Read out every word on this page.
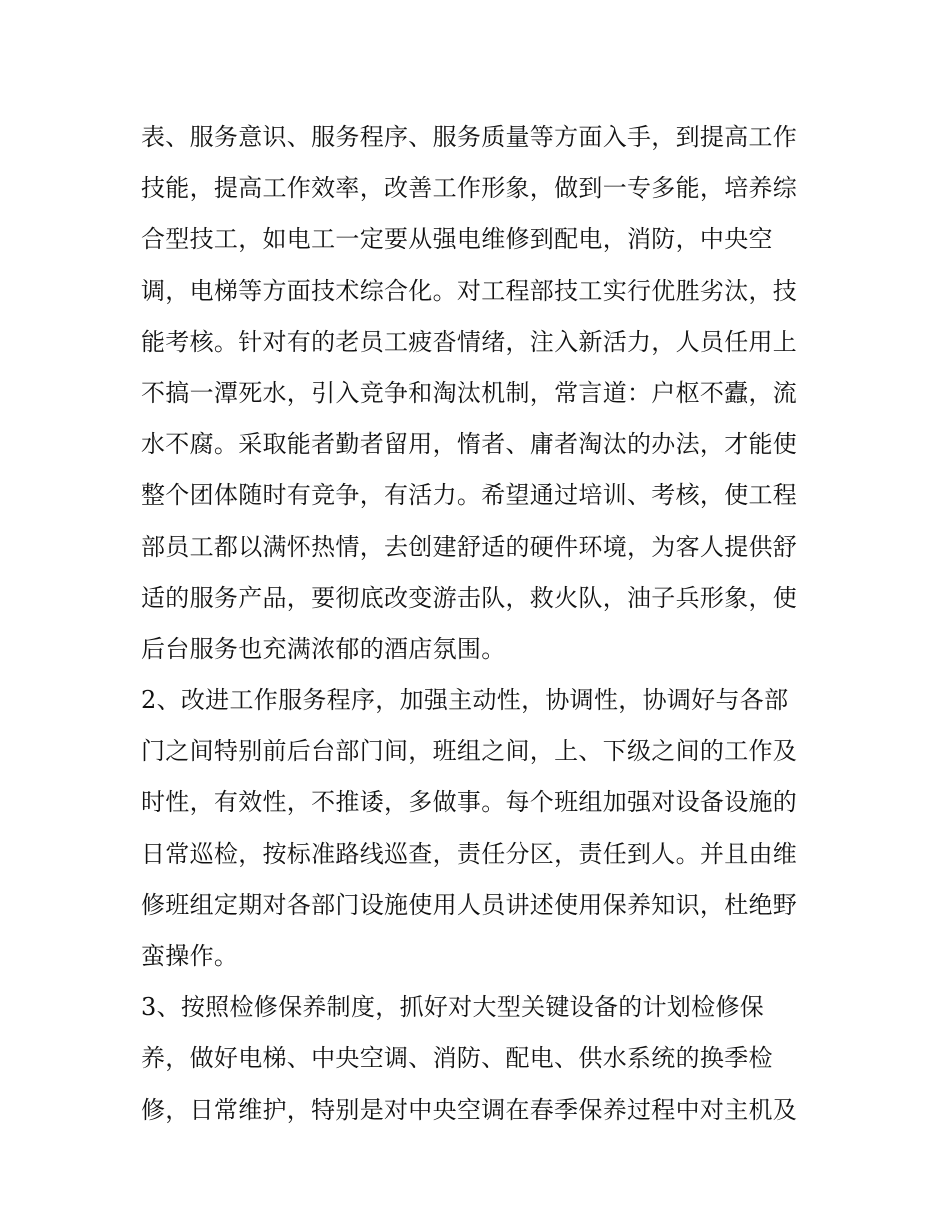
表、服务意识、服务程序、服务质量等方面入手，到提高工作
技能，提高工作效率，改善工作形象，做到一专多能，培养综
合型技工，如电工一定要从强电维修到配电，消防，中央空
调，电梯等方面技术综合化。对工程部技工实行优胜劣汰，技
能考核。针对有的老员工疲沓情绪，注入新活力，人员任用上
不搞一潭死水，引入竞争和淘汰机制，常言道：户枢不蠹，流
水不腐。采取能者勤者留用，惰者、庸者淘汰的办法，才能使
整个团体随时有竞争，有活力。希望通过培训、考核，使工程
部员工都以满怀热情，去创建舒适的硬件环境，为客人提供舒
适的服务产品，要彻底改变游击队，救火队，油子兵形象，使
后台服务也充满浓郁的酒店氛围。
2、改进工作服务程序，加强主动性，协调性，协调好与各部
门之间特别前后台部门间，班组之间，上、下级之间的工作及
时性，有效性，不推诿，多做事。每个班组加强对设备设施的
日常巡检，按标准路线巡查，责任分区，责任到人。并且由维
修班组定期对各部门设施使用人员讲述使用保养知识，杜绝野
蛮操作。
3、按照检修保养制度，抓好对大型关键设备的计划检修保
养，做好电梯、中央空调、消防、配电、供水系统的换季检
修，日常维护，特别是对中央空调在春季保养过程中对主机及
